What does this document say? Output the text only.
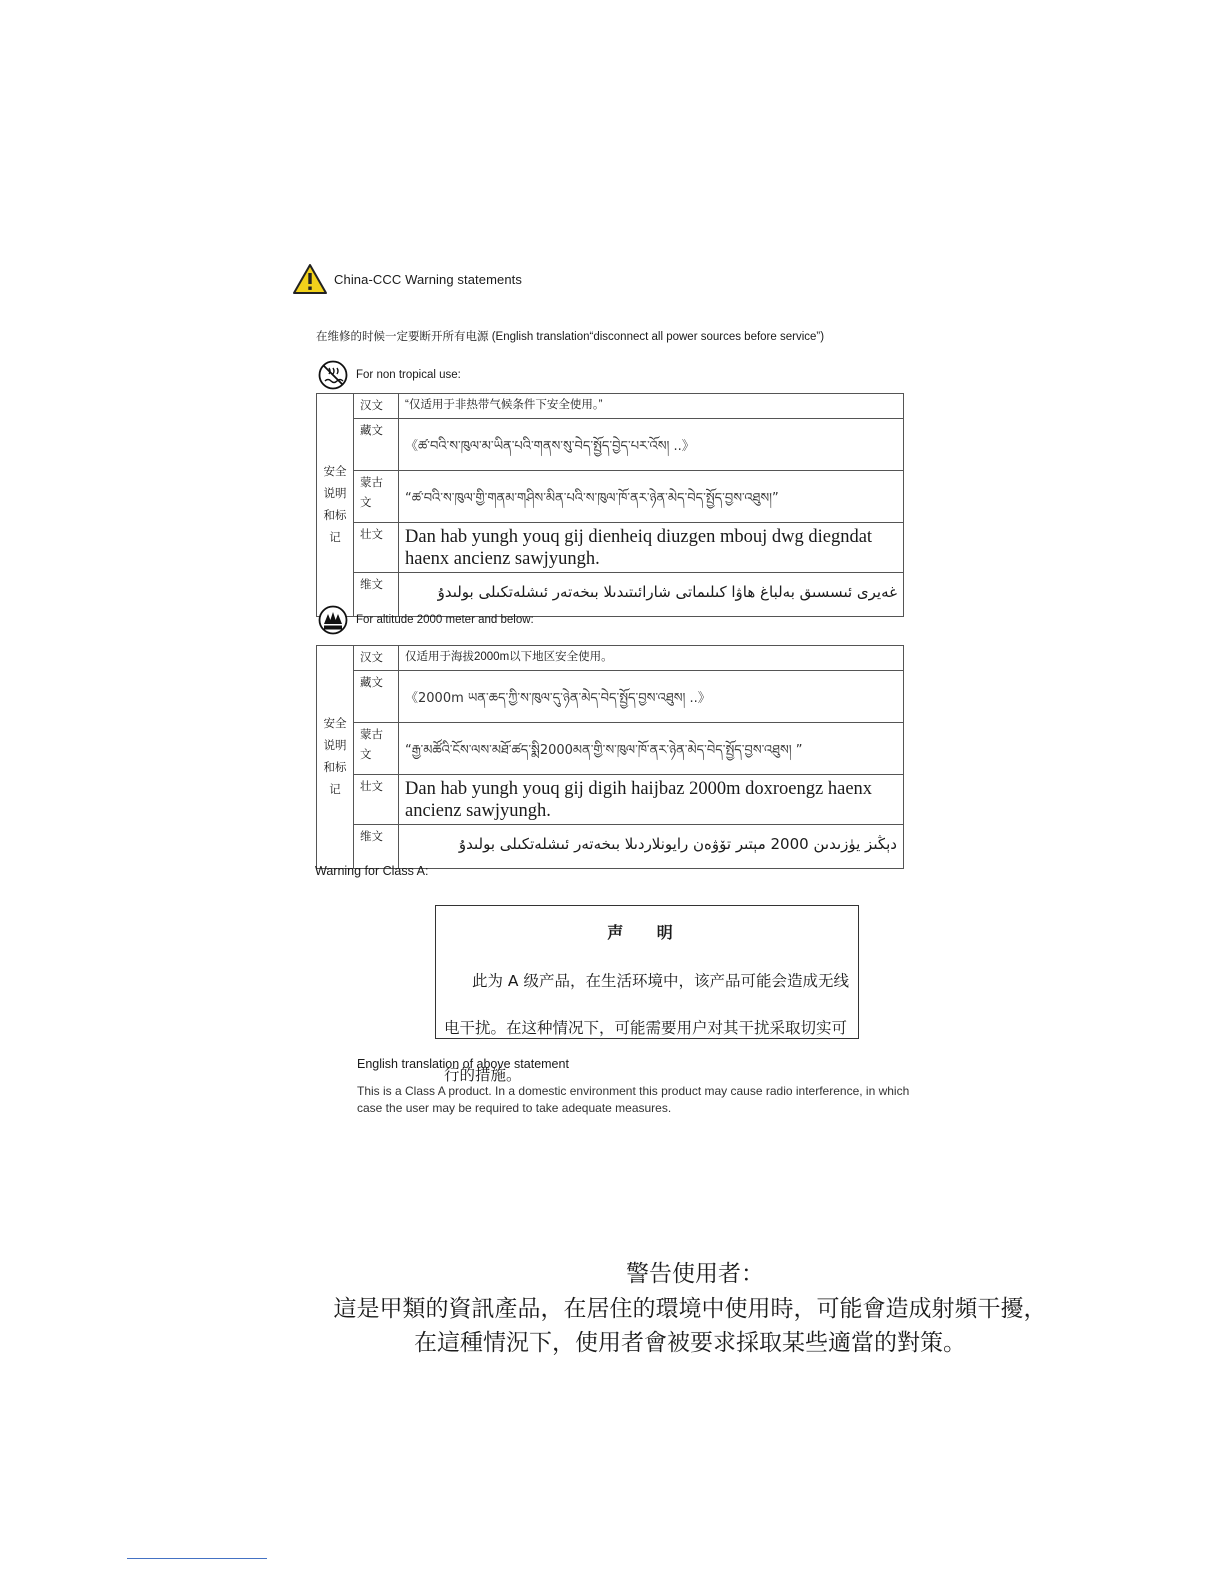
China-CCC Warning statements
在维修的时候一定要断开所有电源 (English translation“disconnect all power sources before service”)
For non tropical use:
安全
说明
和标
记	汉文	“仅适用于非热带气候条件下安全使用。”
	藏文	《ཚ་བའི་ས་ཁུལ་མ་ཡིན་པའི་གནས་སུ་བེད་སྤྱོད་བྱེད་པར་འོས། ..》
	蒙古文	“ཚ་བའི་ས་ཁུལ་གྱི་གནམ་གཤིས་མིན་པའི་ས་ཁུལ་ཁོ་ནར་ཉེན་མེད་བེད་སྤྱོད་བྱས་འཐུས།”
	壮文	Dan hab yungh youq gij dienheiq diuzgen mbouj dwg diegndat haenx ancienz sawjyungh.
	维文	غەيرى ئىسسىق بەلباغ ھاۋا كىلىماتى شارائىتىدىلا بىخەتەر ئىشلەتكىلى بولىدۇ
For altitude 2000 meter and below:
安全
说明
和标
记	汉文	仅适用于海拔2000m以下地区安全使用。
	藏文	《2000m ཡན་ཆད་ཀྱི་ས་ཁུལ་དུ་ཉེན་མེད་བེད་སྤྱོད་བྱས་འཐུས། ..》
	蒙古文	“རྒྱ་མཚོའི་ངོས་ལས་མཐོ་ཚད་སྨི2000མན་གྱི་ས་ཁུལ་ཁོ་ནར་ཉེན་མེད་བེད་སྤྱོད་བྱས་འཐུས། ”
	壮文	Dan hab yungh youq gij digih haijbaz 2000m doxroengz haenx ancienz sawjyungh.
	维文	دېڭىز يۈزىدىن 2000 مېتىر تۆۋەن رايونلاردىلا بىخەتەر ئىشلەتكىلى بولىدۇ
Warning for Class A:
声 明
此为 A 级产品，在生活环境中，该产品可能会造成无线电干扰。在这种情况下，可能需要用户对其干扰采取切实可行的措施。
English translation of above statement
This is a Class A product. In a domestic environment this product may cause radio interference, in which case the user may be required to take adequate measures.
警告使用者：
這是甲類的資訊產品，在居住的環境中使用時，可能會造成射頻干擾，
在這種情況下，使用者會被要求採取某些適當的對策。
